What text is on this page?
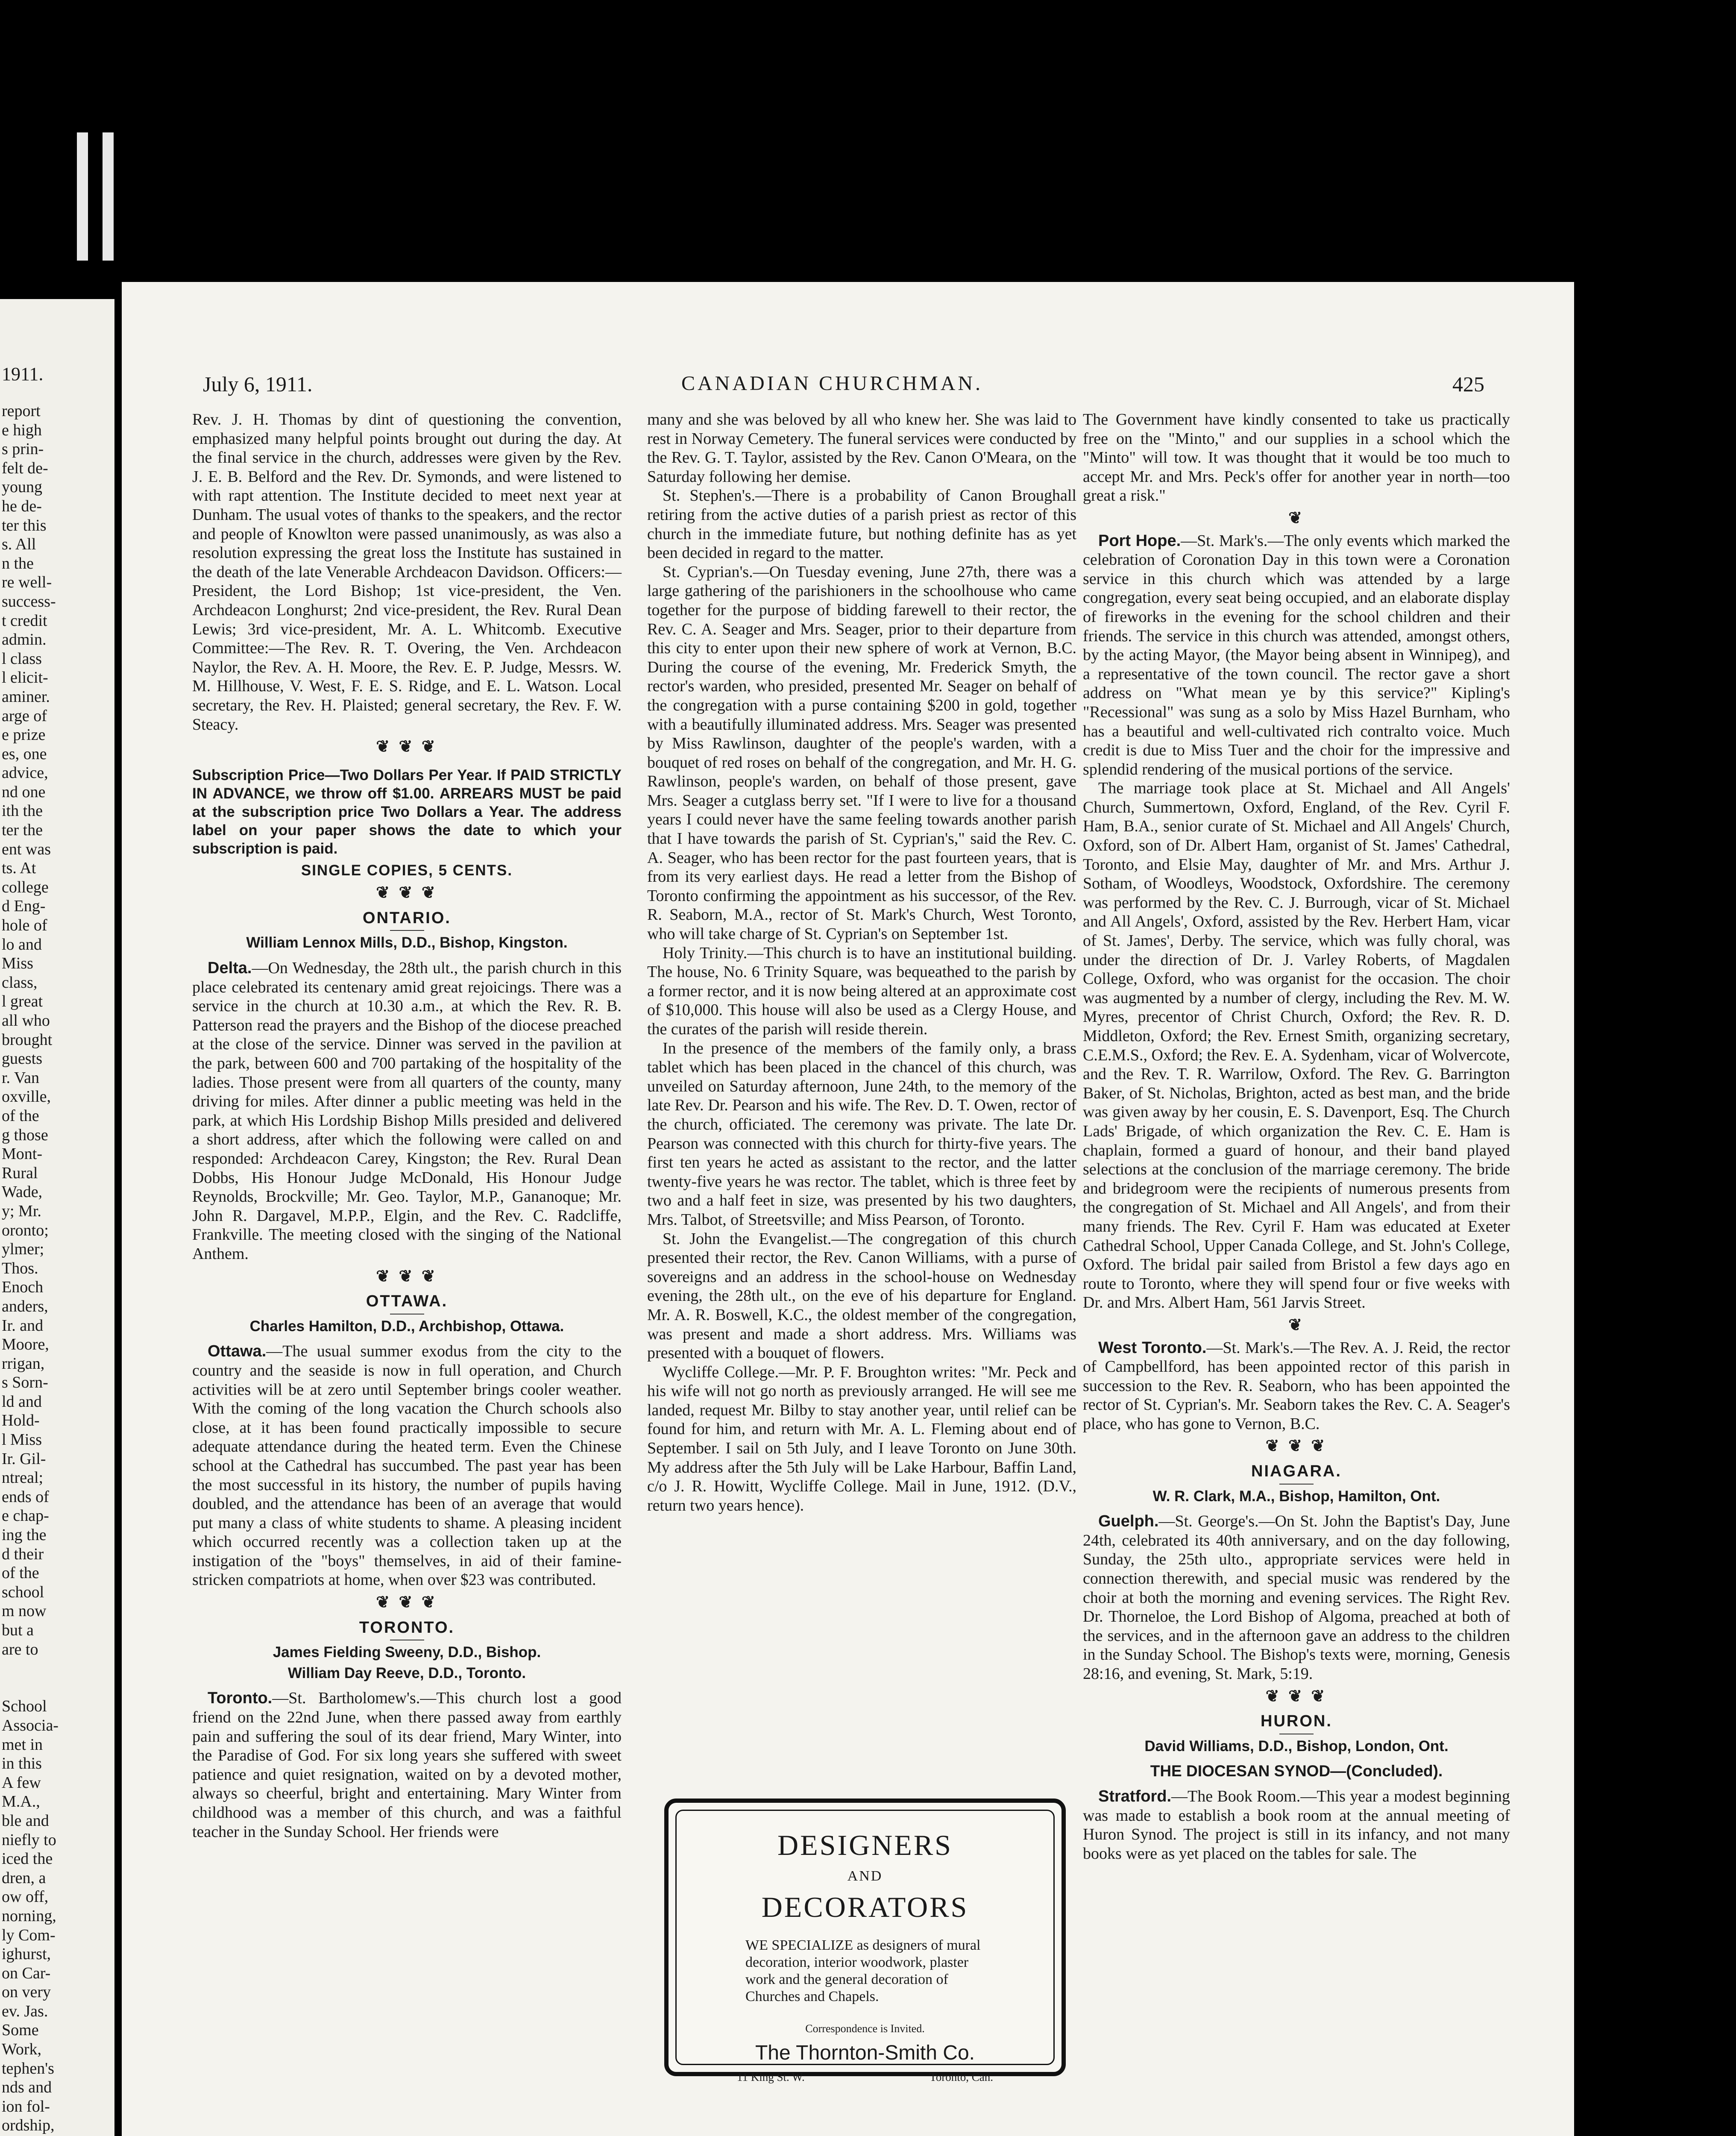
1911.
report
e high
s prin-
felt de-
young
he de-
ter this
s. All
n the
re well-
success-
t credit
admin.
l class
l elicit-
aminer.
arge of
e prize
es, one
advice,
nd one
ith the
ter the
ent was
ts. At
college
d Eng-
hole of
lo and
Miss
class,
l great
all who
brought
guests
r. Van
oxville,
of the
g those
Mont-
Rural
Wade,
y; Mr.
oronto;
ylmer;
Thos.
Enoch
anders,
Ir. and
Moore,
rrigan,
s Sorn-
ld and
Hold-
l Miss
Ir. Gil-
ntreal;
ends of
e chap-
ing the
d their
of the
school
m now
but a
are to

School
Associa-
met in
in this
A few
M.A.,
ble and
niefly to
iced the
dren, a
ow off,
norning,
ly Com-
ighurst,
on Car-
on very
ev. Jas.
Some
Work,
tephen's
nds and
ion fol-
ordship,
July 6, 1911.	CANADIAN CHURCHMAN.	425

Rev. J. H. Thomas by dint of questioning the convention, emphasized many helpful points brought out during the day. At the final service in the church, addresses were given by the Rev. J. E. B. Belford and the Rev. Dr. Symonds, and were listened to with rapt attention. The Institute decided to meet next year at Dunham. The usual votes of thanks to the speakers, and the rector and people of Knowlton were passed unanimously, as was also a resolution expressing the great loss the Institute has sustained in the death of the late Venerable Archdeacon Davidson. Officers:—President, the Lord Bishop; 1st vice-president, the Ven. Archdeacon Longhurst; 2nd vice-president, the Rev. Rural Dean Lewis; 3rd vice-president, Mr. A. L. Whitcomb. Executive Committee:—The Rev. R. T. Overing, the Ven. Archdeacon Naylor, the Rev. A. H. Moore, the Rev. E. P. Judge, Messrs. W. M. Hillhouse, V. West, F. E. S. Ridge, and E. L. Watson. Local secretary, the Rev. H. Plaisted; general secretary, the Rev. F. W. Steacy.

❦ ❦ ❦
Subscription Price—Two Dollars Per Year. If PAID STRICTLY IN ADVANCE, we throw off $1.00. ARREARS MUST be paid at the subscription price Two Dollars a Year. The address label on your paper shows the date to which your subscription is paid.
SINGLE COPIES, 5 CENTS.
❦ ❦ ❦
ONTARIO.
William Lennox Mills, D.D., Bishop, Kingston.

Delta.—On Wednesday, the 28th ult., the parish church in this place celebrated its centenary amid great rejoicings. There was a service in the church at 10.30 a.m., at which the Rev. R. B. Patterson read the prayers and the Bishop of the diocese preached at the close of the service. Dinner was served in the pavilion at the park, between 600 and 700 partaking of the hospitality of the ladies. Those present were from all quarters of the county, many driving for miles. After dinner a public meeting was held in the park, at which His Lordship Bishop Mills presided and delivered a short address, after which the following were called on and responded: Archdeacon Carey, Kingston; the Rev. Rural Dean Dobbs, His Honour Judge McDonald, His Honour Judge Reynolds, Brockville; Mr. Geo. Taylor, M.P., Gananoque; Mr. John R. Dargavel, M.P.P., Elgin, and the Rev. C. Radcliffe, Frankville. The meeting closed with the singing of the National Anthem.

❦ ❦ ❦
OTTAWA.
Charles Hamilton, D.D., Archbishop, Ottawa.

Ottawa.—The usual summer exodus from the city to the country and the seaside is now in full operation, and Church activities will be at zero until September brings cooler weather. With the coming of the long vacation the Church schools also close, at it has been found practically impossible to secure adequate attendance during the heated term. Even the Chinese school at the Cathedral has succumbed. The past year has been the most successful in its history, the number of pupils having doubled, and the attendance has been of an average that would put many a class of white students to shame. A pleasing incident which occurred recently was a collection taken up at the instigation of the "boys" themselves, in aid of their famine-stricken compatriots at home, when over $23 was contributed.

❦ ❦ ❦
TORONTO.
James Fielding Sweeny, D.D., Bishop.
William Day Reeve, D.D., Toronto.

Toronto.—St. Bartholomew's.—This church lost a good friend on the 22nd June, when there passed away from earthly pain and suffering the soul of its dear friend, Mary Winter, into the Paradise of God. For six long years she suffered with sweet patience and quiet resignation, waited on by a devoted mother, always so cheerful, bright and entertaining. Mary Winter from childhood was a member of this church, and was a faithful teacher in the Sunday School. Her friends were

many and she was beloved by all who knew her. She was laid to rest in Norway Cemetery. The funeral services were conducted by the Rev. G. T. Taylor, assisted by the Rev. Canon O'Meara, on the Saturday following her demise.

St. Stephen's.—There is a probability of Canon Broughall retiring from the active duties of a parish priest as rector of this church in the immediate future, but nothing definite has as yet been decided in regard to the matter.

St. Cyprian's.—On Tuesday evening, June 27th, there was a large gathering of the parishioners in the schoolhouse who came together for the purpose of bidding farewell to their rector, the Rev. C. A. Seager and Mrs. Seager, prior to their departure from this city to enter upon their new sphere of work at Vernon, B.C. During the course of the evening, Mr. Frederick Smyth, the rector's warden, who presided, presented Mr. Seager on behalf of the congregation with a purse containing $200 in gold, together with a beautifully illuminated address. Mrs. Seager was presented by Miss Rawlinson, daughter of the people's warden, with a bouquet of red roses on behalf of the congregation, and Mr. H. G. Rawlinson, people's warden, on behalf of those present, gave Mrs. Seager a cutglass berry set. "If I were to live for a thousand years I could never have the same feeling towards another parish that I have towards the parish of St. Cyprian's," said the Rev. C. A. Seager, who has been rector for the past fourteen years, that is from its very earliest days. He read a letter from the Bishop of Toronto confirming the appointment as his successor, of the Rev. R. Seaborn, M.A., rector of St. Mark's Church, West Toronto, who will take charge of St. Cyprian's on September 1st.

Holy Trinity.—This church is to have an institutional building. The house, No. 6 Trinity Square, was bequeathed to the parish by a former rector, and it is now being altered at an approximate cost of $10,000. This house will also be used as a Clergy House, and the curates of the parish will reside therein.

In the presence of the members of the family only, a brass tablet which has been placed in the chancel of this church, was unveiled on Saturday afternoon, June 24th, to the memory of the late Rev. Dr. Pearson and his wife. The Rev. D. T. Owen, rector of the church, officiated. The ceremony was private. The late Dr. Pearson was connected with this church for thirty-five years. The first ten years he acted as assistant to the rector, and the latter twenty-five years he was rector. The tablet, which is three feet by two and a half feet in size, was presented by his two daughters, Mrs. Talbot, of Streetsville; and Miss Pearson, of Toronto.

St. John the Evangelist.—The congregation of this church presented their rector, the Rev. Canon Williams, with a purse of sovereigns and an address in the school-house on Wednesday evening, the 28th ult., on the eve of his departure for England. Mr. A. R. Boswell, K.C., the oldest member of the congregation, was present and made a short address. Mrs. Williams was presented with a bouquet of flowers.

Wycliffe College.—Mr. P. F. Broughton writes: "Mr. Peck and his wife will not go north as previously arranged. He will see me landed, request Mr. Bilby to stay another year, until relief can be found for him, and return with Mr. A. L. Fleming about end of September. I sail on 5th July, and I leave Toronto on June 30th. My address after the 5th July will be Lake Harbour, Baffin Land, c/o J. R. Howitt, Wycliffe College. Mail in June, 1912. (D.V., return two years hence).

DESIGNERS
AND
DECORATORS
WE SPECIALIZE as designers of mural decoration, interior woodwork, plaster work and the general decoration of Churches and Chapels.
Correspondence is Invited.
The Thornton-Smith Co.
11 King St. W.	Toronto, Can.

The Government have kindly consented to take us practically free on the "Minto," and our supplies in a school which the "Minto" will tow. It was thought that it would be too much to accept Mr. and Mrs. Peck's offer for another year in north—too great a risk."

❦

Port Hope.—St. Mark's.—The only events which marked the celebration of Coronation Day in this town were a Coronation service in this church which was attended by a large congregation, every seat being occupied, and an elaborate display of fireworks in the evening for the school children and their friends. The service in this church was attended, amongst others, by the acting Mayor, (the Mayor being absent in Winnipeg), and a representative of the town council. The rector gave a short address on "What mean ye by this service?" Kipling's "Recessional" was sung as a solo by Miss Hazel Burnham, who has a beautiful and well-cultivated rich contralto voice. Much credit is due to Miss Tuer and the choir for the impressive and splendid rendering of the musical portions of the service.

The marriage took place at St. Michael and All Angels' Church, Summertown, Oxford, England, of the Rev. Cyril F. Ham, B.A., senior curate of St. Michael and All Angels' Church, Oxford, son of Dr. Albert Ham, organist of St. James' Cathedral, Toronto, and Elsie May, daughter of Mr. and Mrs. Arthur J. Sotham, of Woodleys, Woodstock, Oxfordshire. The ceremony was performed by the Rev. C. J. Burrough, vicar of St. Michael and All Angels', Oxford, assisted by the Rev. Herbert Ham, vicar of St. James', Derby. The service, which was fully choral, was under the direction of Dr. J. Varley Roberts, of Magdalen College, Oxford, who was organist for the occasion. The choir was augmented by a number of clergy, including the Rev. M. W. Myres, precentor of Christ Church, Oxford; the Rev. R. D. Middleton, Oxford; the Rev. Ernest Smith, organizing secretary, C.E.M.S., Oxford; the Rev. E. A. Sydenham, vicar of Wolvercote, and the Rev. T. R. Warrilow, Oxford. The Rev. G. Barrington Baker, of St. Nicholas, Brighton, acted as best man, and the bride was given away by her cousin, E. S. Davenport, Esq. The Church Lads' Brigade, of which organization the Rev. C. E. Ham is chaplain, formed a guard of honour, and their band played selections at the conclusion of the marriage ceremony. The bride and bridegroom were the recipients of numerous presents from the congregation of St. Michael and All Angels', and from their many friends. The Rev. Cyril F. Ham was educated at Exeter Cathedral School, Upper Canada College, and St. John's College, Oxford. The bridal pair sailed from Bristol a few days ago en route to Toronto, where they will spend four or five weeks with Dr. and Mrs. Albert Ham, 561 Jarvis Street.

❦

West Toronto.—St. Mark's.—The Rev. A. J. Reid, the rector of Campbellford, has been appointed rector of this parish in succession to the Rev. R. Seaborn, who has been appointed the rector of St. Cyprian's. Mr. Seaborn takes the Rev. C. A. Seager's place, who has gone to Vernon, B.C.

❦ ❦ ❦
NIAGARA.
W. R. Clark, M.A., Bishop, Hamilton, Ont.

Guelph.—St. George's.—On St. John the Baptist's Day, June 24th, celebrated its 40th anniversary, and on the day following, Sunday, the 25th ulto., appropriate services were held in connection therewith, and special music was rendered by the choir at both the morning and evening services. The Right Rev. Dr. Thorneloe, the Lord Bishop of Algoma, preached at both of the services, and in the afternoon gave an address to the children in the Sunday School. The Bishop's texts were, morning, Genesis 28:16, and evening, St. Mark, 5:19.

❦ ❦ ❦
HURON.
David Williams, D.D., Bishop, London, Ont.
THE DIOCESAN SYNOD—(Concluded).

Stratford.—The Book Room.—This year a modest beginning was made to establish a book room at the annual meeting of Huron Synod. The project is still in its infancy, and not many books were as yet placed on the tables for sale. The
